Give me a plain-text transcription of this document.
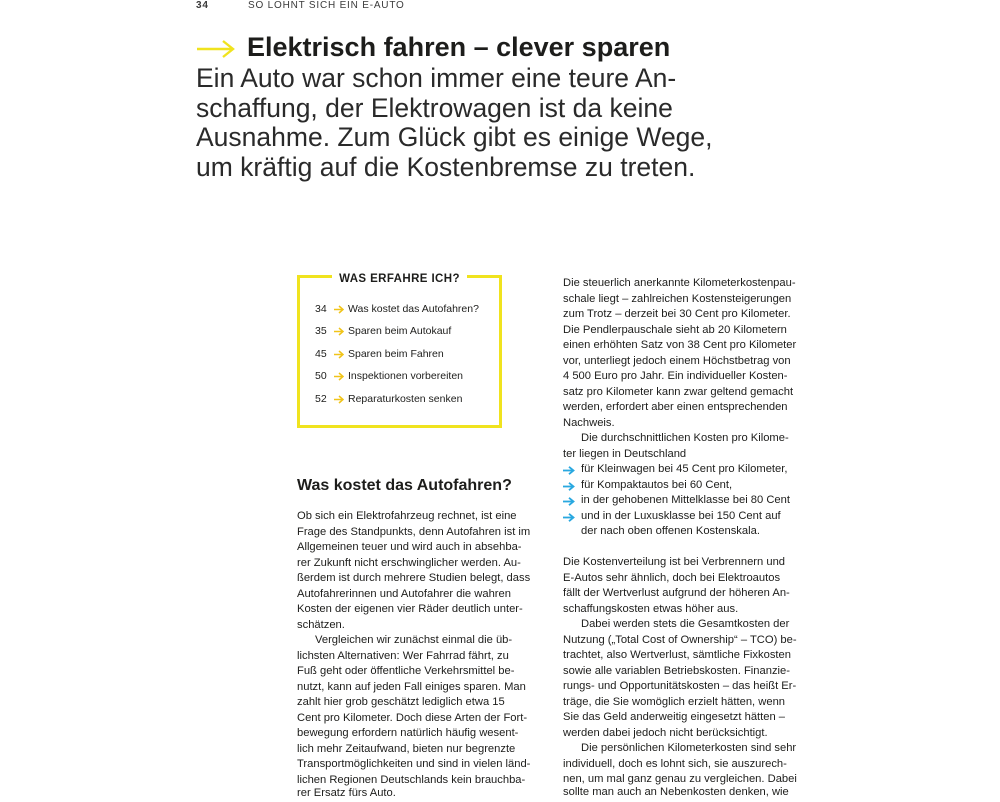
34	SO LOHNT SICH EIN E-AUTO
Elektrisch fahren – clever sparen
Ein Auto war schon immer eine teure An-
schaffung, der Elektrowagen ist da keine
Ausnahme. Zum Glück gibt es einige Wege,
um kräftig auf die Kostenbremse zu treten.
WAS ERFAHRE ICH?
34 Was kostet das Autofahren?
35 Sparen beim Autokauf
45 Sparen beim Fahren
50 Inspektionen vorbereiten
52 Reparaturkosten senken
Was kostet das Autofahren?
Ob sich ein Elektrofahrzeug rechnet, ist eine
Frage des Standpunkts, denn Autofahren ist im
Allgemeinen teuer und wird auch in absehba-
rer Zukunft nicht erschwinglicher werden. Au-
ßerdem ist durch mehrere Studien belegt, dass
Autofahrerinnen und Autofahrer die wahren
Kosten der eigenen vier Räder deutlich unter-
schätzen.
Vergleichen wir zunächst einmal die üb-
lichsten Alternativen: Wer Fahrrad fährt, zu
Fuß geht oder öffentliche Verkehrsmittel be-
nutzt, kann auf jeden Fall einiges sparen. Man
zahlt hier grob geschätzt lediglich etwa 15
Cent pro Kilometer. Doch diese Arten der Fort-
bewegung erfordern natürlich häufig wesent-
lich mehr Zeitaufwand, bieten nur begrenzte
Transportmöglichkeiten und sind in vielen länd-
lichen Regionen Deutschlands kein brauchba-
rer Ersatz fürs Auto.
Die steuerlich anerkannte Kilometerkostenpau-
schale liegt – zahlreichen Kostensteigerungen
zum Trotz – derzeit bei 30 Cent pro Kilometer.
Die Pendlerpauschale sieht ab 20 Kilometern
einen erhöhten Satz von 38 Cent pro Kilometer
vor, unterliegt jedoch einem Höchstbetrag von
4 500 Euro pro Jahr. Ein individueller Kosten-
satz pro Kilometer kann zwar geltend gemacht
werden, erfordert aber einen entsprechenden
Nachweis.
Die durchschnittlichen Kosten pro Kilome-
ter liegen in Deutschland
für Kleinwagen bei 45 Cent pro Kilometer,
für Kompaktautos bei 60 Cent,
in der gehobenen Mittelklasse bei 80 Cent
und in der Luxusklasse bei 150 Cent auf
der nach oben offenen Kostenskala.
Die Kostenverteilung ist bei Verbrennern und
E-Autos sehr ähnlich, doch bei Elektroautos
fällt der Wertverlust aufgrund der höheren An-
schaffungskosten etwas höher aus.
Dabei werden stets die Gesamtkosten der
Nutzung („Total Cost of Ownership“ – TCO) be-
trachtet, also Wertverlust, sämtliche Fixkosten
sowie alle variablen Betriebskosten. Finanzie-
rungs- und Opportunitätskosten – das heißt Er-
träge, die Sie womöglich erzielt hätten, wenn
Sie das Geld anderweitig eingesetzt hätten –
werden dabei jedoch nicht berücksichtigt.
Die persönlichen Kilometerkosten sind sehr
individuell, doch es lohnt sich, sie auszurech-
nen, um mal ganz genau zu vergleichen. Dabei
sollte man auch an Nebenkosten denken, wie
